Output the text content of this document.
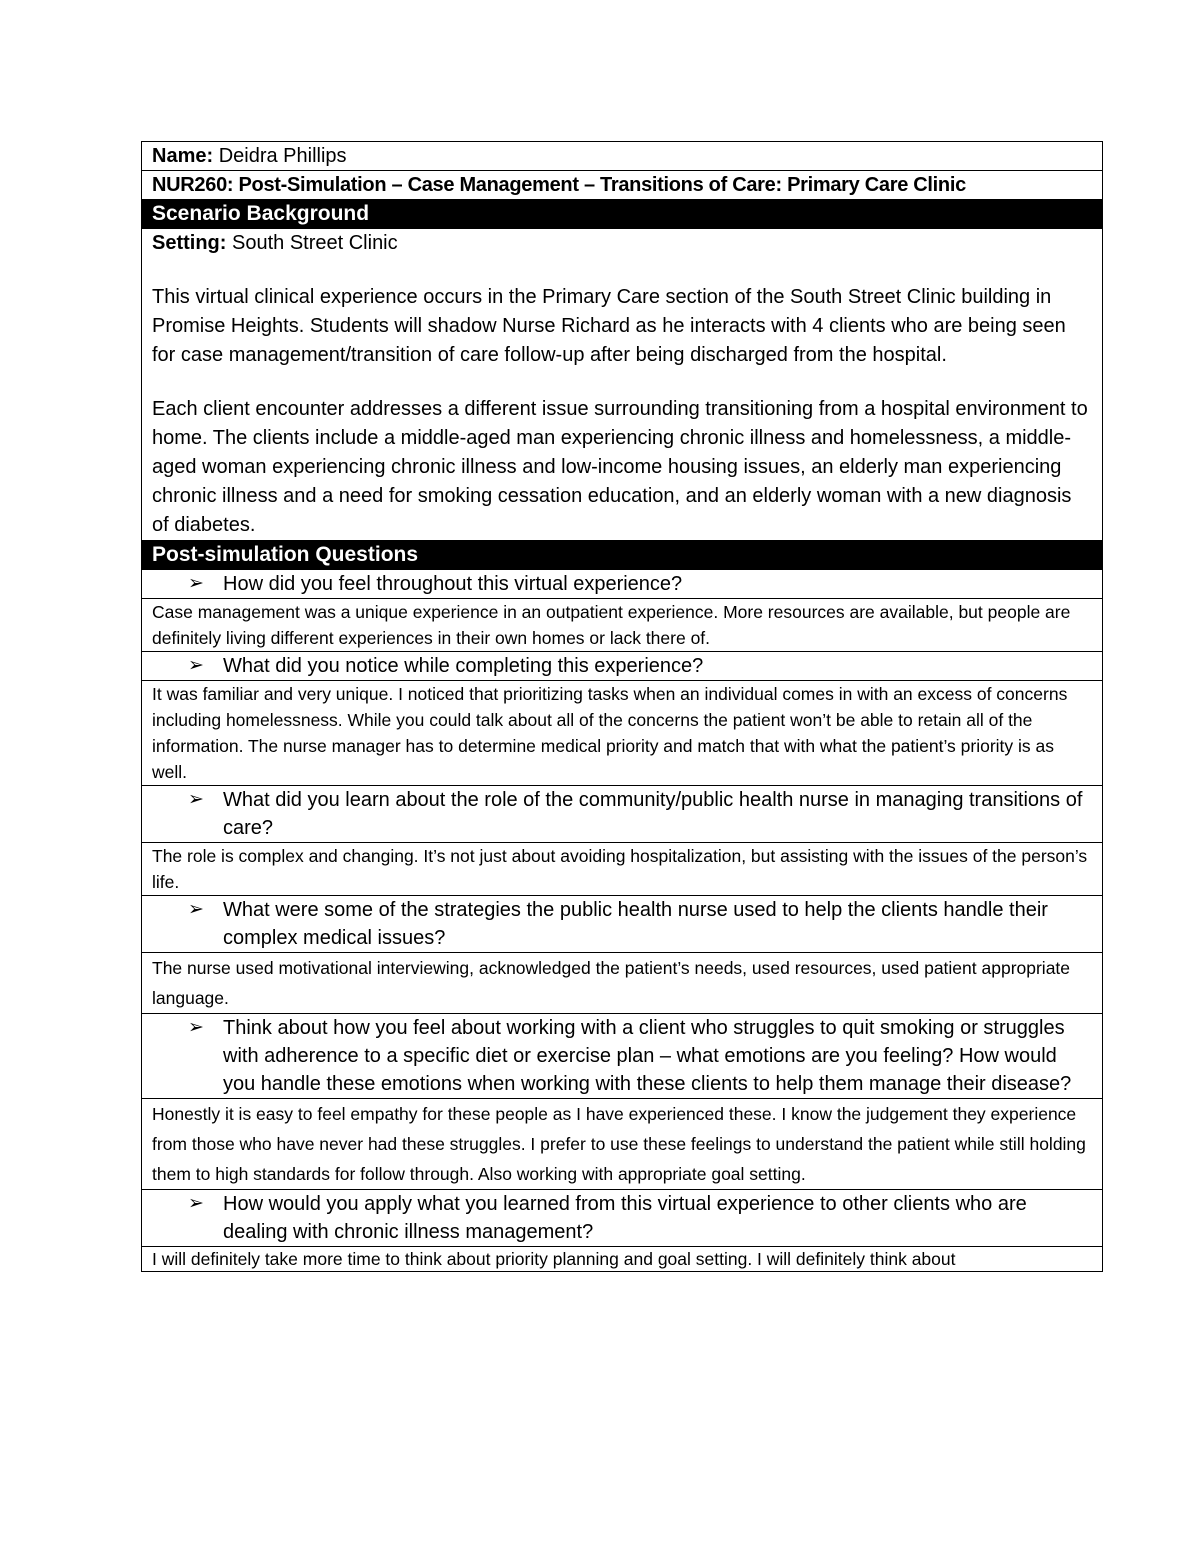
Name: Deidra Phillips
NUR260: Post-Simulation – Case Management – Transitions of Care: Primary Care Clinic
Scenario Background

Setting: South Street Clinic

This virtual clinical experience occurs in the Primary Care section of the South Street Clinic building in Promise Heights. Students will shadow Nurse Richard as he interacts with 4 clients who are being seen for case management/transition of care follow-up after being discharged from the hospital.

Each client encounter addresses a different issue surrounding transitioning from a hospital environment to home. The clients include a middle-aged man experiencing chronic illness and homelessness, a middle-aged woman experiencing chronic illness and low-income housing issues, an elderly man experiencing chronic illness and a need for smoking cessation education, and an elderly woman with a new diagnosis of diabetes.

Post-simulation Questions

➢ How did you feel throughout this virtual experience?

Case management was a unique experience in an outpatient experience. More resources are available, but people are definitely living different experiences in their own homes or lack there of.

➢ What did you notice while completing this experience?

It was familiar and very unique. I noticed that prioritizing tasks when an individual comes in with an excess of concerns including homelessness. While you could talk about all of the concerns the patient won’t be able to retain all of the information. The nurse manager has to determine medical priority and match that with what the patient’s priority is as well.

➢ What did you learn about the role of the community/public health nurse in managing transitions of care?

The role is complex and changing. It’s not just about avoiding hospitalization, but assisting with the issues of the person’s life.

➢ What were some of the strategies the public health nurse used to help the clients handle their complex medical issues?

The nurse used motivational interviewing, acknowledged the patient’s needs, used resources, used patient appropriate language.

➢ Think about how you feel about working with a client who struggles to quit smoking or struggles with adherence to a specific diet or exercise plan – what emotions are you feeling? How would you handle these emotions when working with these clients to help them manage their disease?

Honestly it is easy to feel empathy for these people as I have experienced these. I know the judgement they experience from those who have never had these struggles. I prefer to use these feelings to understand the patient while still holding them to high standards for follow through. Also working with appropriate goal setting.

➢ How would you apply what you learned from this virtual experience to other clients who are dealing with chronic illness management?

I will definitely take more time to think about priority planning and goal setting. I will definitely think about
